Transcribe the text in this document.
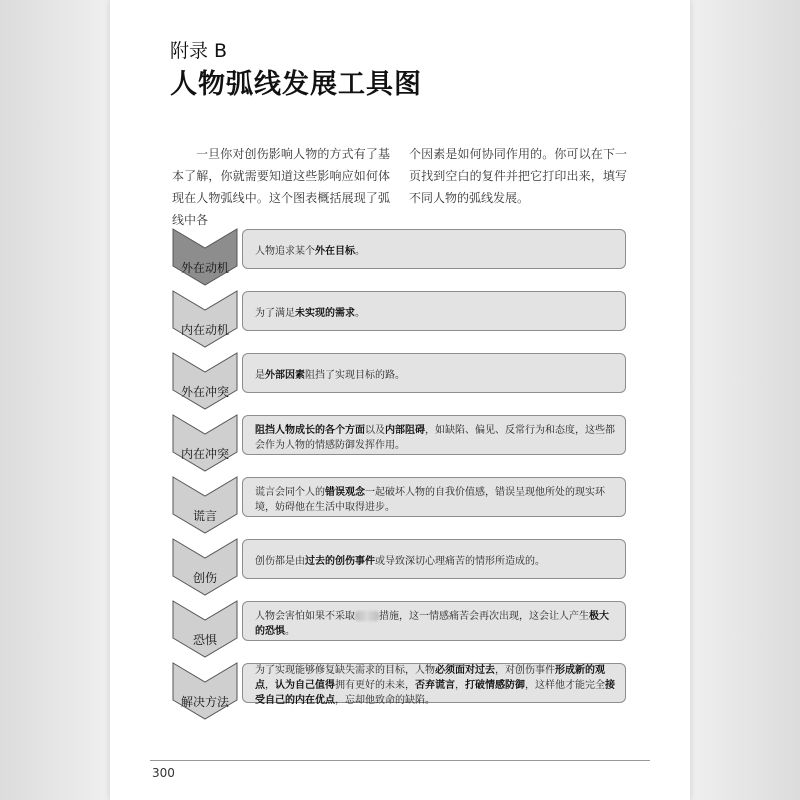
附录 B
人物弧线发展工具图
一旦你对创伤影响人物的方式有了基本了解，你就需要知道这些影响应如何体现在人物弧线中。这个图表概括展现了弧线中各
个因素是如何协同作用的。你可以在下一页找到空白的复件并把它打印出来，填写不同人物的弧线发展。
外在动机
人物追求某个外在目标。
内在动机
为了满足未实现的需求。
外在冲突
是外部因素阻挡了实现目标的路。
内在冲突
阻挡人物成长的各个方面以及内部阻碍，如缺陷、偏见、反常行为和态度，这些都会作为人物的情感防御发挥作用。
谎言
谎言会同个人的错误观念一起破坏人物的自我价值感，错误呈现他所处的现实环境，妨碍他在生活中取得进步。
创伤
创伤都是由过去的创伤事件或导致深切心理痛苦的情形所造成的。
恐惧
人物会害怕如果不采取 措施，这一情感痛苦会再次出现，这会让人产生极大的恐惧。
解决方法
为了实现能够修复缺失需求的目标，人物必须面对过去，对创伤事件形成新的观点，认为自己值得拥有更好的未来，否弃谎言，打破情感防御，这样他才能完全接受自己的内在优点，忘却他致命的缺陷。
300
